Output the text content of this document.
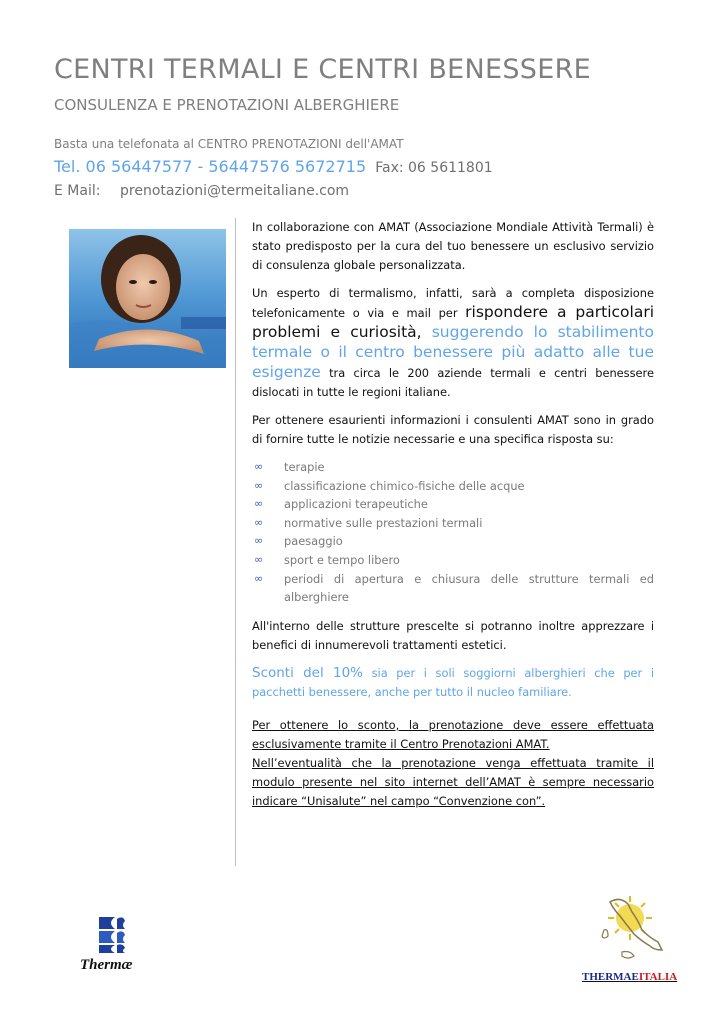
CENTRI TERMALI E CENTRI BENESSERE
CONSULENZA E PRENOTAZIONI ALBERGHIERE
Basta una telefonata al CENTRO PRENOTAZIONI dell'AMAT
Tel. 06 56447577 - 56447576 5672715 Fax: 06 5611801
E Mail: prenotazioni@termeitaliane.com

In collaborazione con AMAT (Associazione Mondiale Attività Termali) è stato predisposto per la cura del tuo benessere un esclusivo servizio di consulenza globale personalizzata.

Un esperto di termalismo, infatti, sarà a completa disposizione telefonicamente o via e mail per rispondere a particolari problemi e curiosità, suggerendo lo stabilimento termale o il centro benessere più adatto alle tue esigenze tra circa le 200 aziende termali e centri benessere dislocati in tutte le regioni italiane.

Per ottenere esaurienti informazioni i consulenti AMAT sono in grado di fornire tutte le notizie necessarie e una specifica risposta su:

∞ terapie
∞ classificazione chimico-fisiche delle acque
∞ applicazioni terapeutiche
∞ normative sulle prestazioni termali
∞ paesaggio
∞ sport e tempo libero
∞ periodi di apertura e chiusura delle strutture termali ed alberghiere

All'interno delle strutture prescelte si potranno inoltre apprezzare i benefici di innumerevoli trattamenti estetici.

Sconti del 10% sia per i soli soggiorni alberghieri che per i pacchetti benessere, anche per tutto il nucleo familiare.

Per ottenere lo sconto, la prenotazione deve essere effettuata esclusivamente tramite il Centro Prenotazioni AMAT.

Nell’eventualità che la prenotazione venga effettuata tramite il modulo presente nel sito internet dell’AMAT è sempre necessario indicare “Unisalute” nel campo “Convenzione con”.

Thermæ
THERMAEITALIA
